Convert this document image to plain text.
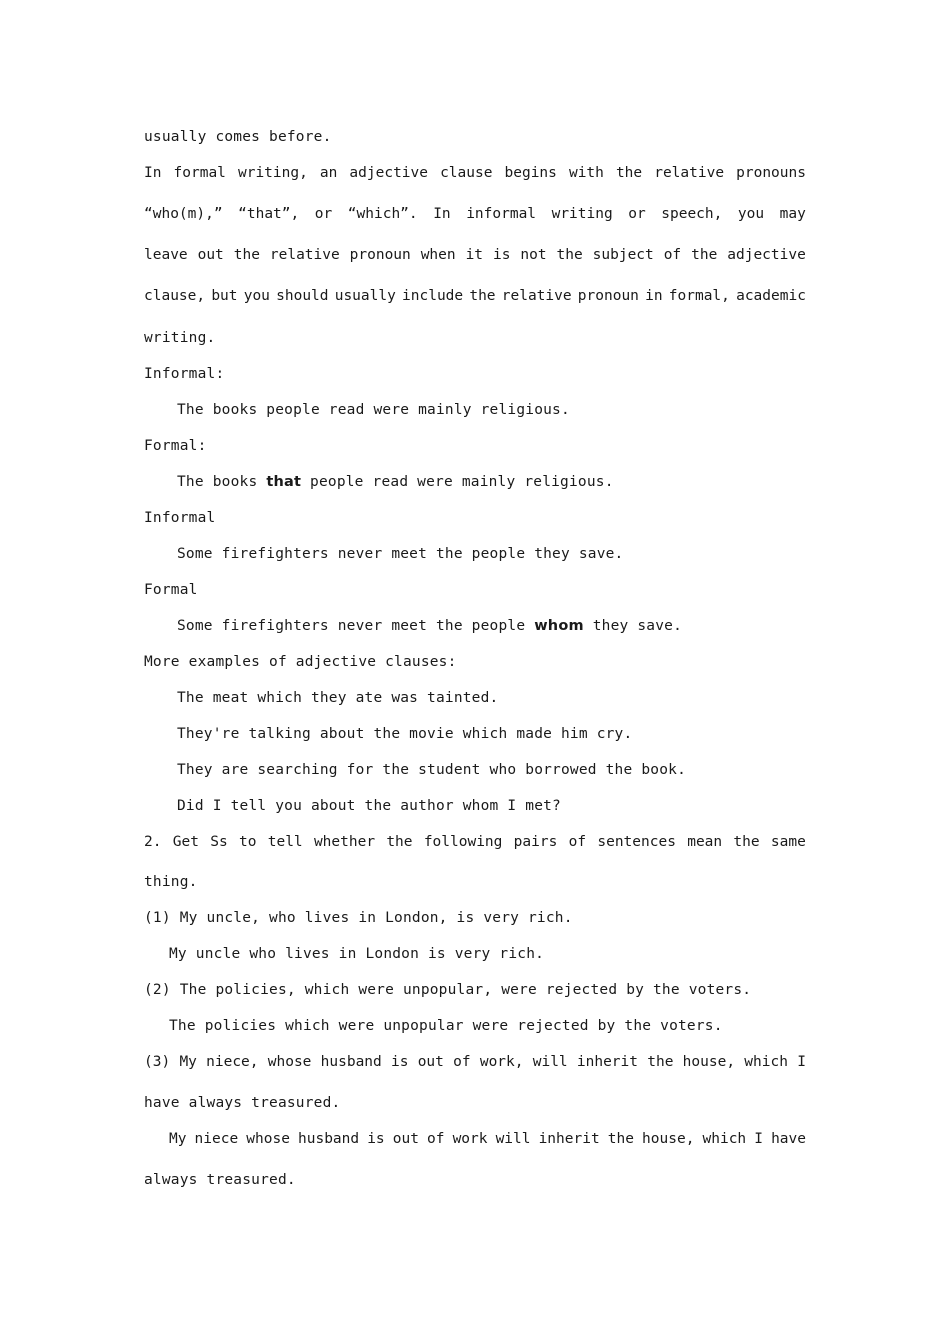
usually comes before.
In formal writing, an adjective clause begins with the relative pronouns
“who(m),” “that”, or “which”. In informal writing or speech, you may
leave out the relative pronoun when it is not the subject of the adjective
clause, but you should usually include the relative pronoun in formal, academic
writing.
Informal:
The books people read were mainly religious.
Formal:
The books that people read were mainly religious.
Informal
Some firefighters never meet the people they save.
Formal
Some firefighters never meet the people whom they save.
More examples of adjective clauses:
The meat which they ate was tainted.
They're talking about the movie which made him cry.
They are searching for the student who borrowed the book.
Did I tell you about the author whom I met?
2. Get Ss to tell whether the following pairs of sentences mean the same
thing.
(1) My uncle, who lives in London, is very rich.
My uncle who lives in London is very rich.
(2) The policies, which were unpopular, were rejected by the voters.
The policies which were unpopular were rejected by the voters.
(3) My niece, whose husband is out of work, will inherit the house, which I
have always treasured.
My niece whose husband is out of work will inherit the house, which I have
always treasured.
